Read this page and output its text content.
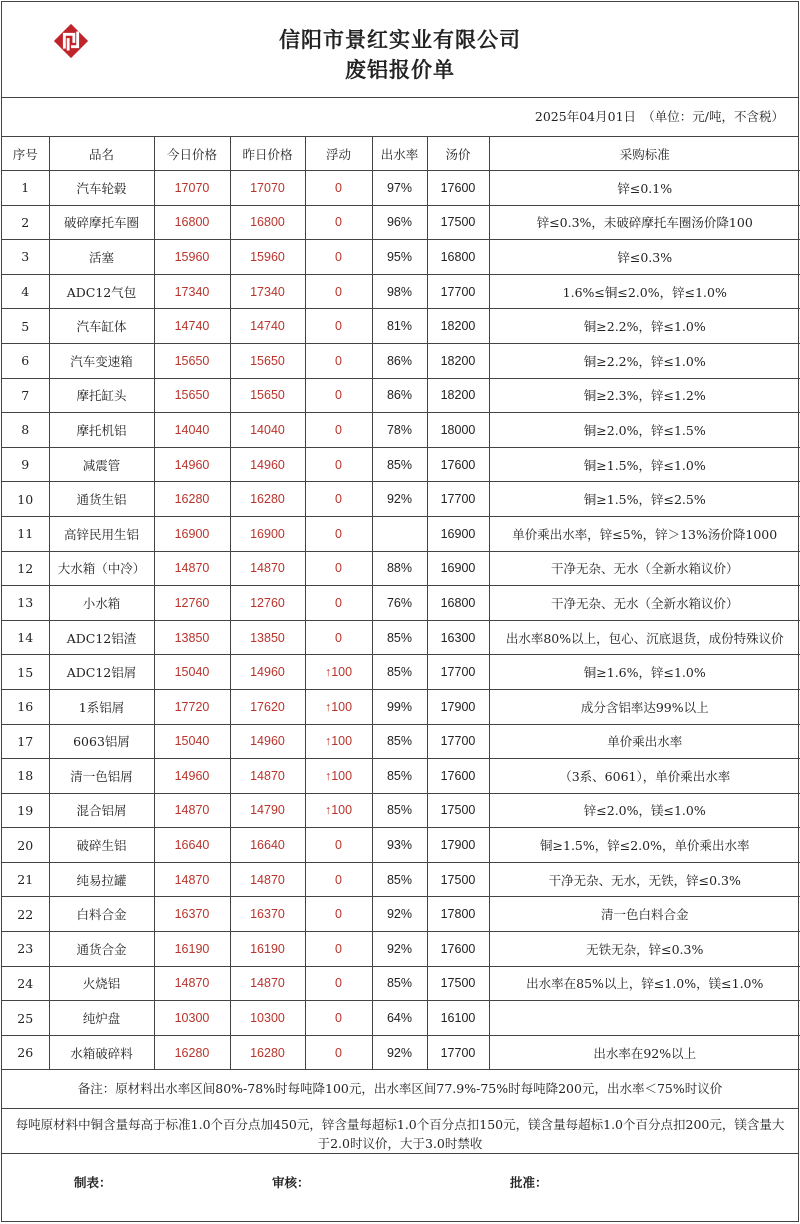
信阳市景红实业有限公司
废铝报价单
2025年04月01日　（单位：元/吨，不含税）
序号	品名	今日价格	昨日价格	浮动	出水率	汤价	采购标准
1	汽车轮毂	17070	17070	0	97%	17600	锌≤0.1%
2	破碎摩托车圈	16800	16800	0	96%	17500	锌≤0.3%，未破碎摩托车圈汤价降100
3	活塞	15960	15960	0	95%	16800	锌≤0.3%
4	ADC12气包	17340	17340	0	98%	17700	1.6%≤铜≤2.0%，锌≤1.0%
5	汽车缸体	14740	14740	0	81%	18200	铜≥2.2%，锌≤1.0%
6	汽车变速箱	15650	15650	0	86%	18200	铜≥2.2%，锌≤1.0%
7	摩托缸头	15650	15650	0	86%	18200	铜≥2.3%，锌≤1.2%
8	摩托机铝	14040	14040	0	78%	18000	铜≥2.0%，锌≤1.5%
9	减震管	14960	14960	0	85%	17600	铜≥1.5%，锌≤1.0%
10	通货生铝	16280	16280	0	92%	17700	铜≥1.5%，锌≤2.5%
11	高锌民用生铝	16900	16900	0		16900	单价乘出水率，锌≤5%，锌＞13%汤价降1000
12	大水箱（中冷）	14870	14870	0	88%	16900	干净无杂、无水（全新水箱议价）
13	小水箱	12760	12760	0	76%	16800	干净无杂、无水（全新水箱议价）
14	ADC12铝渣	13850	13850	0	85%	16300	出水率80%以上，包心、沉底退货，成份特殊议价
15	ADC12铝屑	15040	14960	↑100	85%	17700	铜≥1.6%，锌≤1.0%
16	1系铝屑	17720	17620	↑100	99%	17900	成分含铝率达99%以上
17	6063铝屑	15040	14960	↑100	85%	17700	单价乘出水率
18	清一色铝屑	14960	14870	↑100	85%	17600	（3系、6061），单价乘出水率
19	混合铝屑	14870	14790	↑100	85%	17500	锌≤2.0%，镁≤1.0%
20	破碎生铝	16640	16640	0	93%	17900	铜≥1.5%，锌≤2.0%，单价乘出水率
21	纯易拉罐	14870	14870	0	85%	17500	干净无杂、无水，无铁，锌≤0.3%
22	白料合金	16370	16370	0	92%	17800	清一色白料合金
23	通货合金	16190	16190	0	92%	17600	无铁无杂，锌≤0.3%
24	火烧铝	14870	14870	0	85%	17500	出水率在85%以上，锌≤1.0%，镁≤1.0%
25	纯炉盘	10300	10300	0	64%	16100	
26	水箱破碎料	16280	16280	0	92%	17700	出水率在92%以上
备注：原材料出水率区间80%-78%时每吨降100元，出水率区间77.9%-75%时每吨降200元，出水率＜75%时议价
每吨原材料中铜含量每高于标准1.0个百分点加450元，锌含量每超标1.0个百分点扣150元，镁含量每超标1.0个百分点扣200元，镁含量大于2.0时议价，大于3.0时禁收
制表：	审核：	批准：
